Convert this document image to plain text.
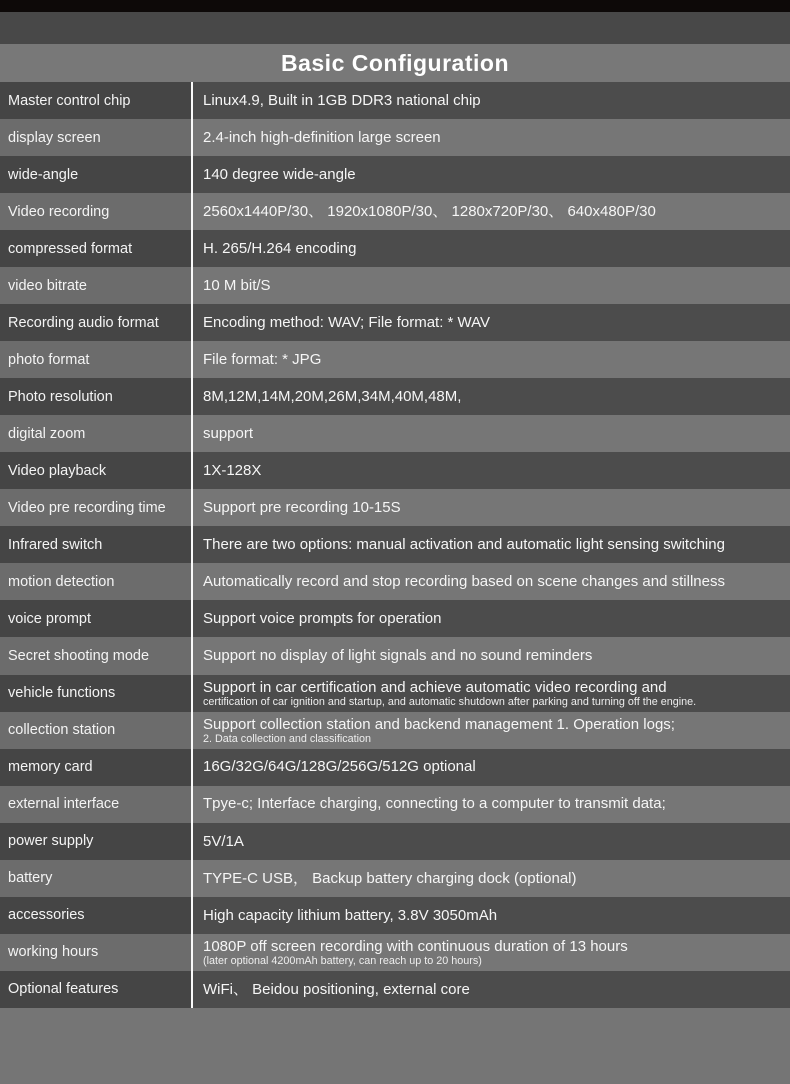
Basic Configuration
Master control chip	Linux4.9, Built in 1GB DDR3 national chip
display screen	2.4-inch high-definition large screen
wide-angle	140 degree wide-angle
Video recording	2560x1440P/30、 1920x1080P/30、 1280x720P/30、 640x480P/30
compressed format	H. 265/H.264 encoding
video bitrate	10 M bit/S
Recording audio format	Encoding method: WAV; File format: * WAV
photo format	File format: * JPG
Photo resolution	8M,12M,14M,20M,26M,34M,40M,48M,
digital zoom	support
Video playback	1X-128X
Video pre recording time	Support pre recording 10-15S
Infrared switch	There are two options: manual activation and automatic light sensing switching
motion detection	Automatically record and stop recording based on scene changes and stillness
voice prompt	Support voice prompts for operation
Secret shooting mode	Support no display of light signals and no sound reminders
vehicle functions	Support in car certification and achieve automatic video recording and
certification of car ignition and startup, and automatic shutdown after parking and turning off the engine.
collection station	Support collection station and backend management 1. Operation logs;
2. Data collection and classification
memory card	16G/32G/64G/128G/256G/512G optional
external interface	Tpye-c; Interface charging, connecting to a computer to transmit data;
power supply	5V/1A
battery	TYPE-C USB， Backup battery charging dock (optional)
accessories	High capacity lithium battery, 3.8V 3050mAh
working hours	1080P off screen recording with continuous duration of 13 hours
(later optional 4200mAh battery, can reach up to 20 hours)
Optional features	WiFi、 Beidou positioning, external core
